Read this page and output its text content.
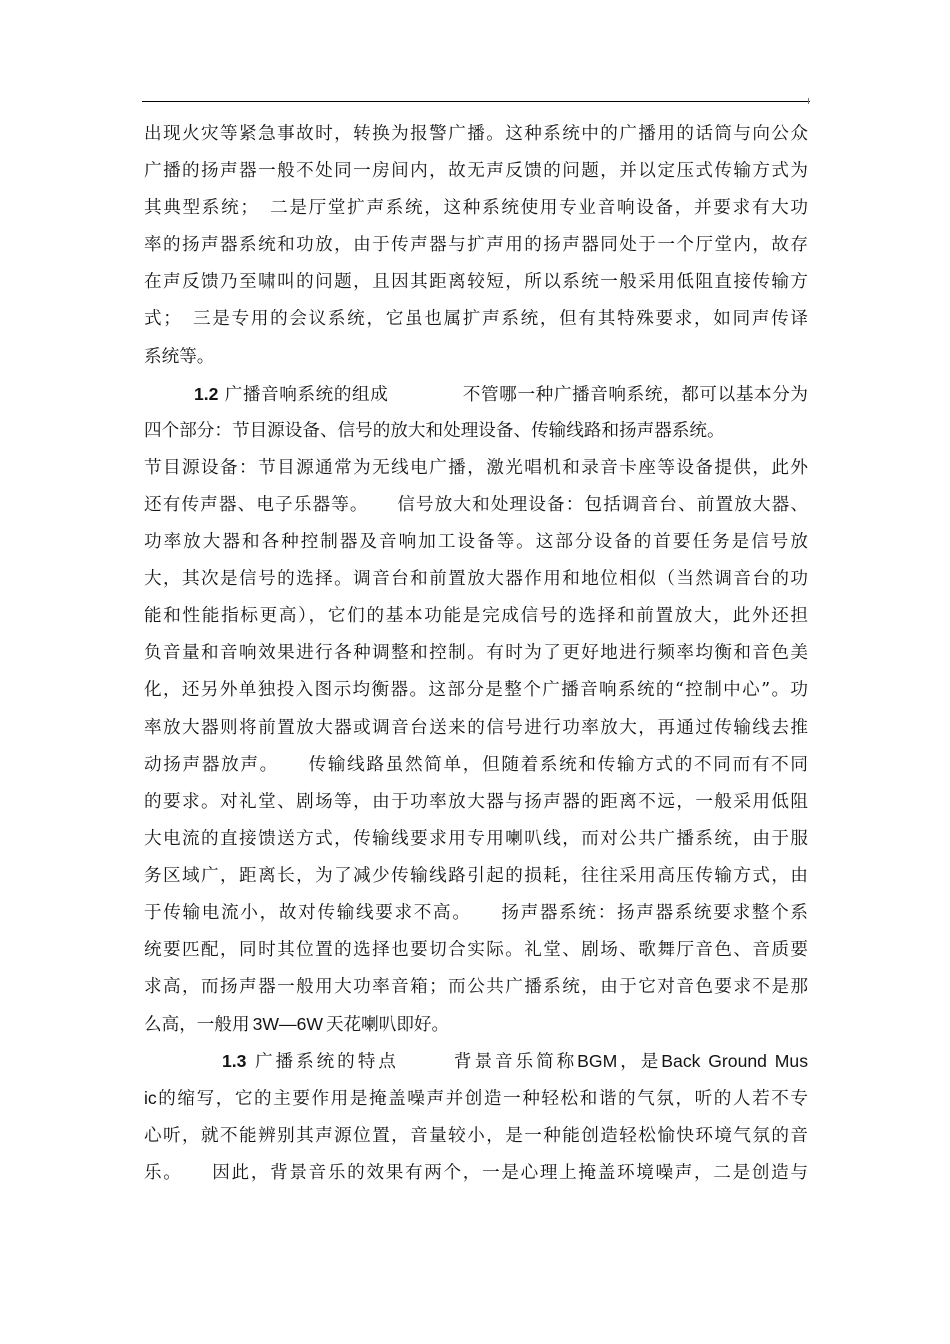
出现火灾等紧急事故时，转换为报警广播。这种系统中的广播用的话筒与向公众
广播的扬声器一般不处同一房间内，故无声反馈的问题，并以定压式传输方式为
其典型系统；　二是厅堂扩声系统，这种系统使用专业音响设备，并要求有大功
率的扬声器系统和功放，由于传声器与扩声用的扬声器同处于一个厅堂内，故存
在声反馈乃至啸叫的问题，且因其距离较短，所以系统一般采用低阻直接传输方
式；　三是专用的会议系统，它虽也属扩声系统，但有其特殊要求，如同声传译
系统等。
1.2 广播音响系统的组成	不管哪一种广播音响系统，都可以基本分为
四个部分：节目源设备、信号的放大和处理设备、传输线路和扬声器系统。
节目源设备：节目源通常为无线电广播，激光唱机和录音卡座等设备提供，此外
还有传声器、电子乐器等。　　信号放大和处理设备：包括调音台、前置放大器、
功率放大器和各种控制器及音响加工设备等。这部分设备的首要任务是信号放
大，其次是信号的选择。调音台和前置放大器作用和地位相似（当然调音台的功
能和性能指标更高），它们的基本功能是完成信号的选择和前置放大，此外还担
负音量和音响效果进行各种调整和控制。有时为了更好地进行频率均衡和音色美
化，还另外单独投入图示均衡器。这部分是整个广播音响系统的“控制中心”。功
率放大器则将前置放大器或调音台送来的信号进行功率放大，再通过传输线去推
动扬声器放声。　　传输线路虽然简单，但随着系统和传输方式的不同而有不同
的要求。对礼堂、剧场等，由于功率放大器与扬声器的距离不远，一般采用低阻
大电流的直接馈送方式，传输线要求用专用喇叭线，而对公共广播系统，由于服
务区域广，距离长，为了减少传输线路引起的损耗，往往采用高压传输方式，由
于传输电流小，故对传输线要求不高。　　扬声器系统：扬声器系统要求整个系
统要匹配，同时其位置的选择也要切合实际。礼堂、剧场、歌舞厅音色、音质要
求高，而扬声器一般用大功率音箱；而公共广播系统，由于它对音色要求不是那
么高，一般用 3W—6W 天花喇叭即好。
1.3 广播系统的特点	背景音乐简称BGM，是Back Ground Mus
ic的缩写，它的主要作用是掩盖噪声并创造一种轻松和谐的气氛，听的人若不专
心听，就不能辨别其声源位置，音量较小，是一种能创造轻松愉快环境气氛的音
乐。　　因此，背景音乐的效果有两个，一是心理上掩盖环境噪声，二是创造与
